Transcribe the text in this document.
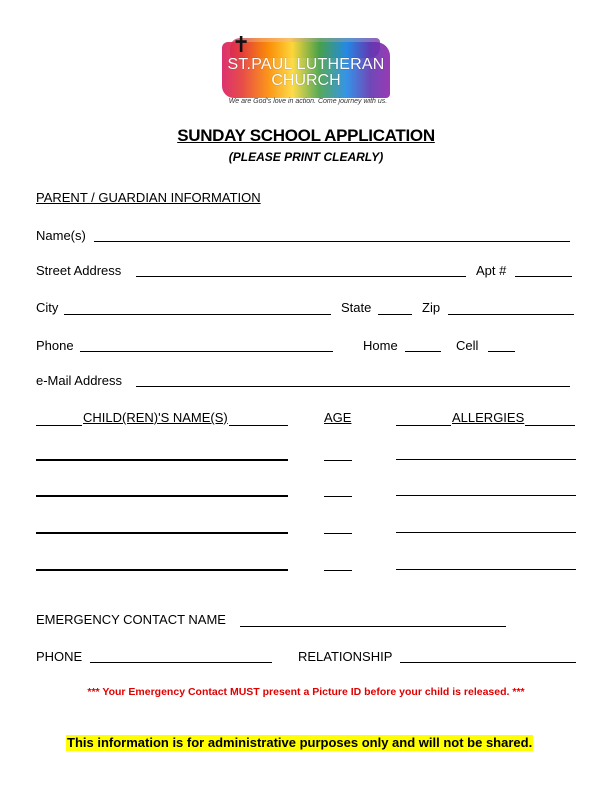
✝
ST.PAUL LUTHERAN
CHURCH
We are God's love in action. Come journey with us.
SUNDAY SCHOOL APPLICATION
(PLEASE PRINT CLEARLY)
PARENT / GUARDIAN INFORMATION
Name(s)
Street Address	Apt #
City	State	Zip
Phone	Home	Cell
e-Mail Address
CHILD(REN)'S NAME(S)	AGE	ALLERGIES
EMERGENCY CONTACT NAME
PHONE	RELATIONSHIP
*** Your Emergency Contact MUST present a Picture ID before your child is released. ***
This information is for administrative purposes only and will not be shared.
